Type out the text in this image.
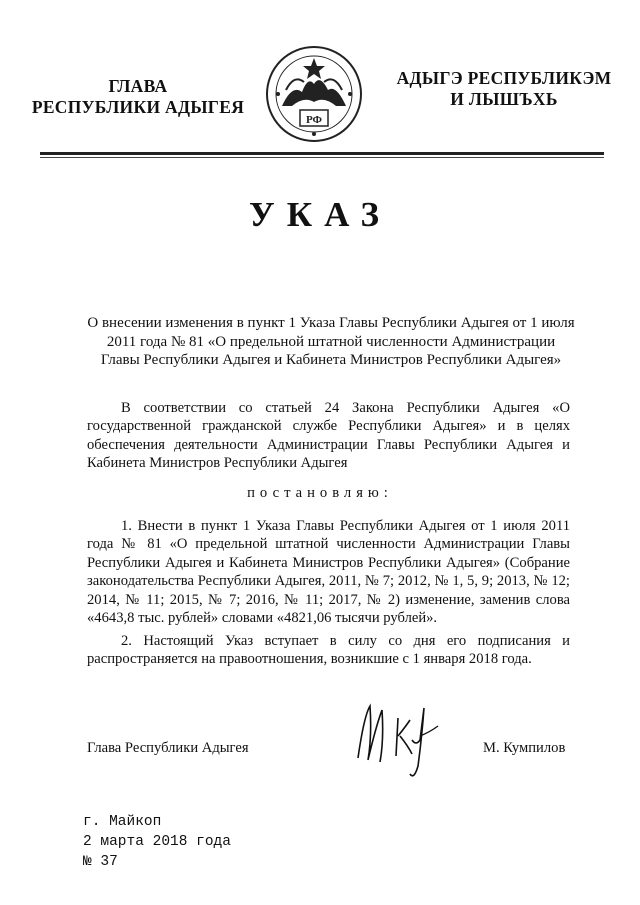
ГЛАВА
РЕСПУБЛИКИ АДЫГЕЯ
РФ
АДЫГЭ РЕСПУБЛИКЭМ
И ЛЫШЪХЬ
УКАЗ
О внесении изменения в пункт 1 Указа Главы Республики Адыгея от 1 июля 2011 года № 81 «О предельной штатной численности Администрации Главы Республики Адыгея и Кабинета Министров Республики Адыгея»

В соответствии со статьей 24 Закона Республики Адыгея «О государственной гражданской службе Республики Адыгея» и в целях обеспечения деятельности Администрации Главы Республики Адыгея и Кабинета Министров Республики Адыгея

постановляю:

1. Внести в пункт 1 Указа Главы Республики Адыгея от 1 июля 2011 года № 81 «О предельной штатной численности Администрации Главы Республики Адыгея и Кабинета Министров Республики Адыгея» (Собрание законодательства Республики Адыгея, 2011, № 7; 2012, № 1, 5, 9; 2013, № 12; 2014, № 11; 2015, № 7; 2016, № 11; 2017, № 2) изменение, заменив слова «4643,8 тыс. рублей» словами «4821,06 тысячи рублей».

2. Настоящий Указ вступает в силу со дня его подписания и распространяется на правоотношения, возникшие с 1 января 2018 года.

Глава Республики Адыгея	М. Кумпилов
г. Майкоп
2 марта 2018 года
№ 37
